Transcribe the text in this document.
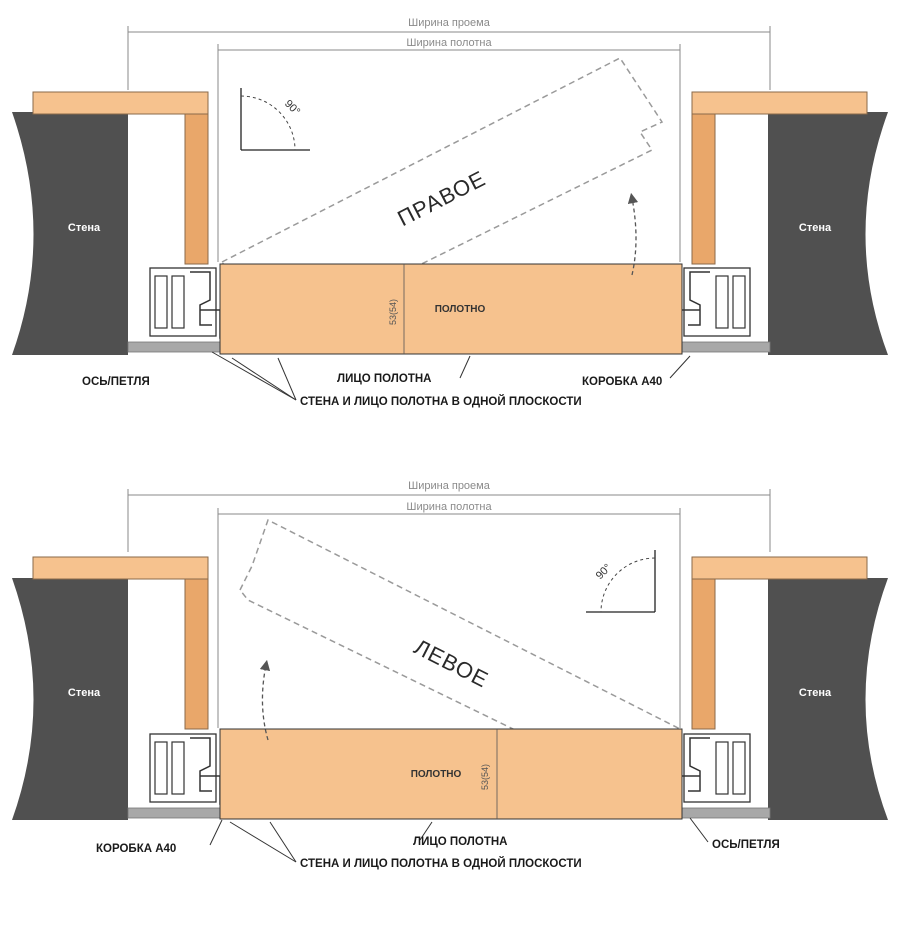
Ширина проема
Ширина полотна
Стена	Стена
ПРАВОЕ
ПОЛОТНО
53(54)
90°
ОСЬ/ПЕТЛЯ	ЛИЦО ПОЛОТНА	КОРОБКА А40
СТЕНА И ЛИЦО ПОЛОТНА В ОДНОЙ ПЛОСКОСТИ
Ширина проема
Ширина полотна
Стена	Стена
ЛЕВОЕ
ПОЛОТНО 53(54)
90°
КОРОБКА А40
ЛИЦО ПОЛОТНА	ОСЬ/ПЕТЛЯ
СТЕНА И ЛИЦО ПОЛОТНА В ОДНОЙ ПЛОСКОСТИ
